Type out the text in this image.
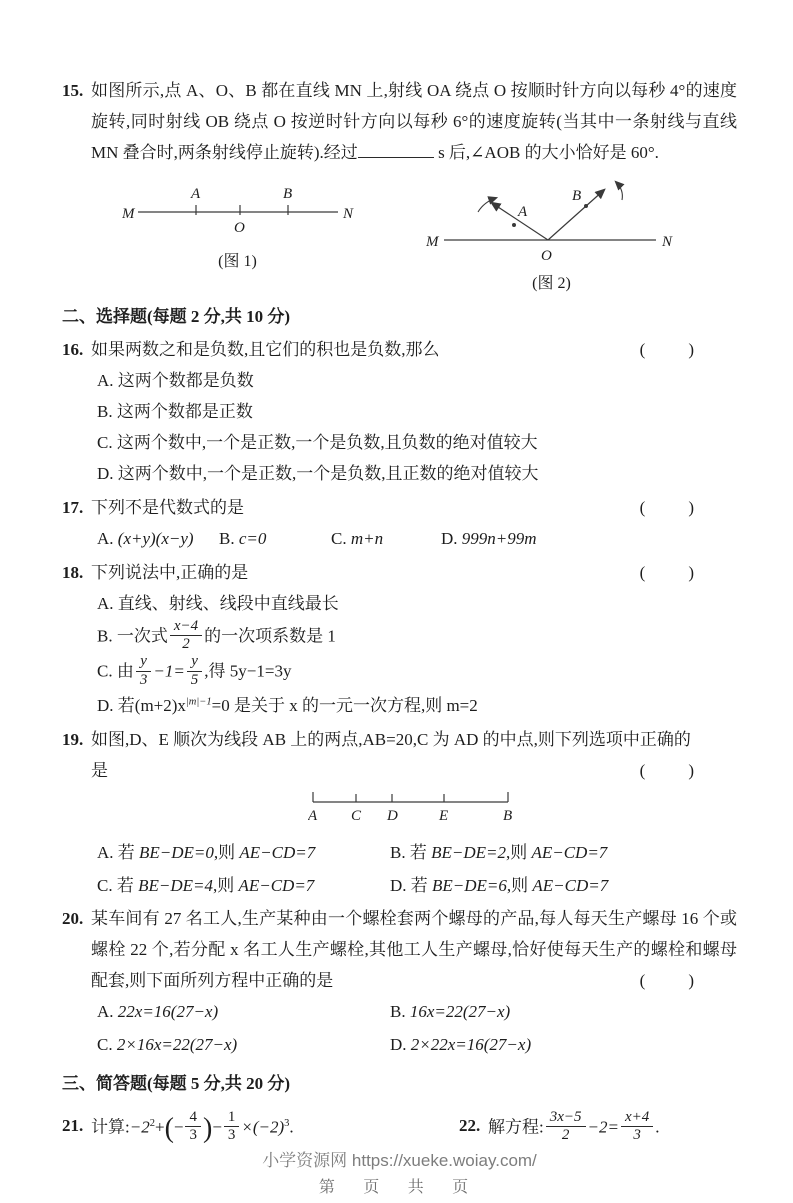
15. 如图所示,点 A、O、B 都在直线 MN 上,射线 OA 绕点 O 按顺时针方向以每秒 4°的速度旋转,同时射线 OB 绕点 O 按逆时针方向以每秒 6°的速度旋转(当其中一条射线与直线 MN 叠合时,两条射线停止旋转).经过	s 后,∠AOB 的大小恰好是 60°.
M
A
O
B
N
(图 1)
M
A
B
O
N
(图 2)
二、选择题(每题 2 分,共 10 分)
16. 如果两数之和是负数,且它们的积也是负数,那么	(        )
A. 这两个数都是负数
B. 这两个数都是正数
C. 这两个数中,一个是正数,一个是负数,且负数的绝对值较大
D. 这两个数中,一个是正数,一个是负数,且正数的绝对值较大
17. 下列不是代数式的是	(        )
A. (x+y)(x−y)	B. c=0	C. m+n	D. 999n+99m
18. 下列说法中,正确的是	(        )
A. 直线、射线、线段中直线最长
B. 一次式 $\frac{x-4}{2}$ 的一次项系数是 1
C. 由 $\frac{y}{3} -1= \frac{y}{5}$ ,得 5y−1=3y
D. 若$(m+2)x^{|m|-1}=0$ 是关于 x 的一元一次方程,则 m=2
19. 如图,D、E 顺次为线段 AB 上的两点,AB=20,C 为 AD 的中点,则下列选项中正确的
是	(        )
A C D	E	B
A. 若 BE−DE=0,则 AE−CD=7	B. 若 BE−DE=2,则 AE−CD=7
C. 若 BE−DE=4,则 AE−CD=7	D. 若 BE−DE=6,则 AE−CD=7
20. 某车间有 27 名工人,生产某种由一个螺栓套两个螺母的产品,每人每天生产螺母 16 个或螺栓 22 个,若分配 x 名工人生产螺栓,其他工人生产螺母,恰好使每天生产的螺栓和螺母配套,则下面所列方程中正确的是	(        )
A. 22x=16(27−x)	B. 16x=22(27−x)
C. 2×16x=22(27−x)	D. 2×22x=16(27−x)
三、简答题(每题 5 分,共 20 分)
21. 计算$:-2^2+(- \frac{4}{3}$ )− $\frac{1}{3} \times(-2)^3$.	22. 解方程: $\frac{3x-5}{2} -2= \frac{x+4}{3}$ .
小学资源网 https://xueke.woiay.com/
第 页 共 页
